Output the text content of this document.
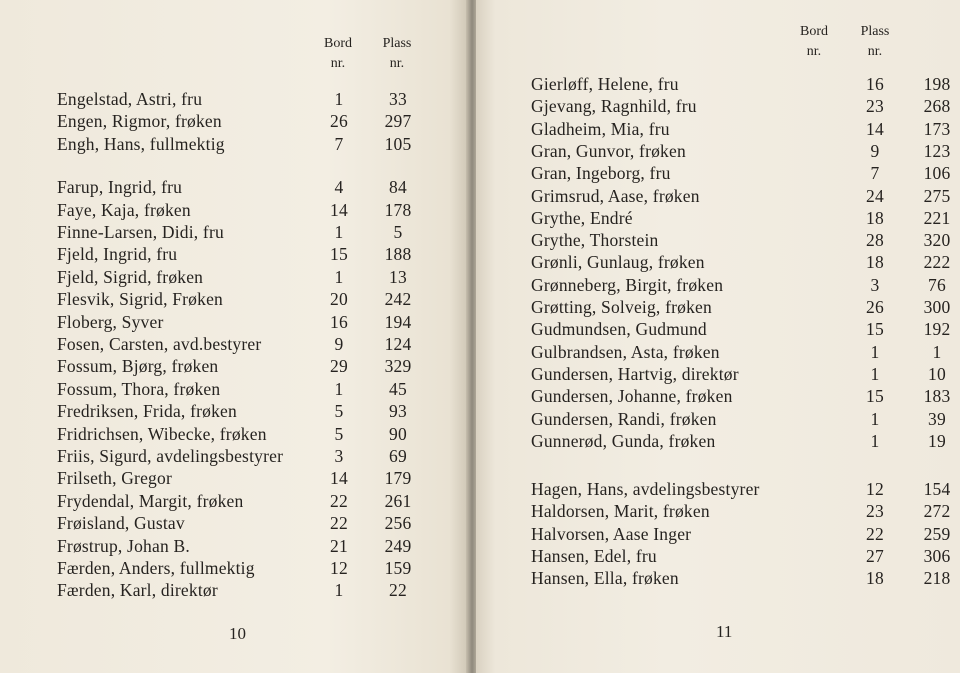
Bord
nr.
Plass
nr.
Engelstad, Astri, fru	1	33
Engen, Rigmor, frøken	26	297
Engh, Hans, fullmektig	7	105
Farup, Ingrid, fru	4	84
Faye, Kaja, frøken	14	178
Finne-Larsen, Didi, fru	1	5
Fjeld, Ingrid, fru	15	188
Fjeld, Sigrid, frøken	1	13
Flesvik, Sigrid, Frøken	20	242
Floberg, Syver	16	194
Fosen, Carsten, avd.bestyrer	9	124
Fossum, Bjørg, frøken	29	329
Fossum, Thora, frøken	1	45
Fredriksen, Frida, frøken	5	93
Fridrichsen, Wibecke, frøken	5	90
Friis, Sigurd, avdelingsbestyrer	3	69
Frilseth, Gregor	14	179
Frydendal, Margit, frøken	22	261
Frøisland, Gustav	22	256
Frøstrup, Johan B.	21	249
Færden, Anders, fullmektig	12	159
Færden, Karl, direktør	1	22
10
Bord
nr.
Plass
nr.
Gierløff, Helene, fru	16	198
Gjevang, Ragnhild, fru	23	268
Gladheim, Mia, fru	14	173
Gran, Gunvor, frøken	9	123
Gran, Ingeborg, fru	7	106
Grimsrud, Aase, frøken	24	275
Grythe, Endré	18	221
Grythe, Thorstein	28	320
Grønli, Gunlaug, frøken	18	222
Grønneberg, Birgit, frøken	3	76
Grøtting, Solveig, frøken	26	300
Gudmundsen, Gudmund	15	192
Gulbrandsen, Asta, frøken	1	1
Gundersen, Hartvig, direktør	1	10
Gundersen, Johanne, frøken	15	183
Gundersen, Randi, frøken	1	39
Gunnerød, Gunda, frøken	1	19
Hagen, Hans, avdelingsbestyrer	12	154
Haldorsen, Marit, frøken	23	272
Halvorsen, Aase Inger	22	259
Hansen, Edel, fru	27	306
Hansen, Ella, frøken	18	218
11
